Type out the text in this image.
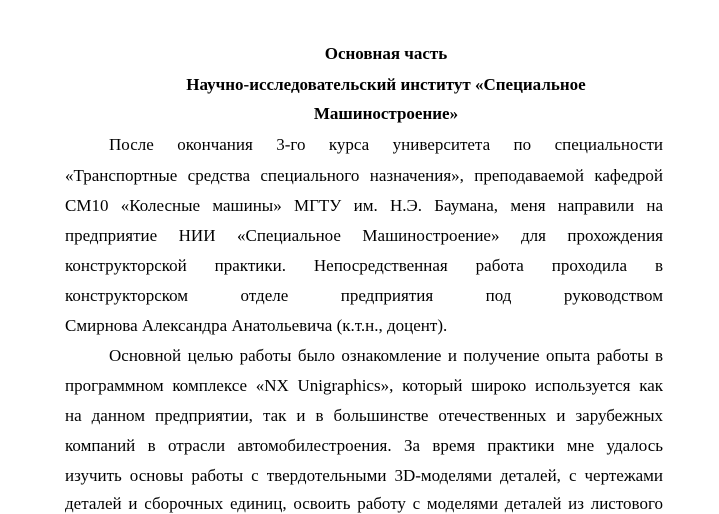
Основная часть
Научно-исследовательский институт «Специальное
Машиностроение»
После окончания 3-го курса университета по специальности
«Транспортные средства специального назначения», преподаваемой кафедрой
СМ10 «Колесные машины» МГТУ им. Н.Э. Баумана, меня направили на
предприятие НИИ «Специальное Машиностроение» для прохождения
конструкторской практики. Непосредственная работа проходила в
конструкторском отделе предприятия под руководством
Смирнова Александра Анатольевича (к.т.н., доцент).
Основной целью работы было ознакомление и получение опыта работы в
программном комплексе «NX Unigraphics», который широко используется как
на данном предприятии, так и в большинстве отечественных и зарубежных
компаний в отрасли автомобилестроения. За время практики мне удалось
изучить основы работы с твердотельными 3D-моделями деталей, с чертежами
деталей и сборочных единиц, освоить работу с моделями деталей из листового
